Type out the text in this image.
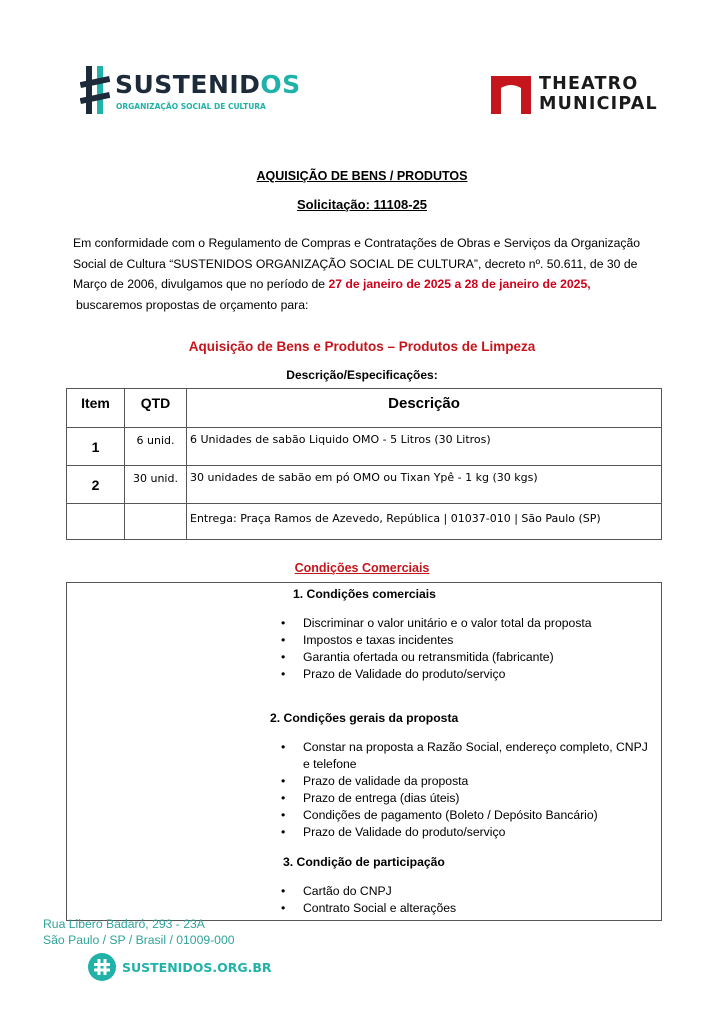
SUSTENIDOS
ORGANIZAÇÃO SOCIAL DE CULTURA
THEATRO
MUNICIPAL
AQUISIÇÃO DE BENS / PRODUTOS
Solicitação: 11108-25
Em conformidade com o Regulamento de Compras e Contratações de Obras e Serviços da Organização
Social de Cultura “SUSTENIDOS ORGANIZAÇÃO SOCIAL DE CULTURA”, decreto nº. 50.611, de 30 de
Março de 2006, divulgamos que no período de 27 de janeiro de 2025 a 28 de janeiro de 2025,
buscaremos propostas de orçamento para:
Aquisição de Bens e Produtos – Produtos de Limpeza
Descrição/Especificações:
Item	QTD	Descrição
1	6 unid.	6 Unidades de sabão Liquido OMO - 5 Litros (30 Litros)
2	30 unid.	30 unidades de sabão em pó OMO ou Tixan Ypê - 1 kg (30 kgs)
		Entrega: Praça Ramos de Azevedo, República | 01037-010 | São Paulo (SP)
Condições Comerciais
1. Condições comerciais
• Discriminar o valor unitário e o valor total da proposta
• Impostos e taxas incidentes
• Garantia ofertada ou retransmitida (fabricante)
• Prazo de Validade do produto/serviço
2. Condições gerais da proposta
• Constar na proposta a Razão Social, endereço completo, CNPJ e telefone
• Prazo de validade da proposta
• Prazo de entrega (dias úteis)
• Condições de pagamento (Boleto / Depósito Bancário)
• Prazo de Validade do produto/serviço
3. Condição de participação
• Cartão do CNPJ
• Contrato Social e alterações
Rua Libero Badaró, 293 - 23A
São Paulo / SP / Brasil / 01009-000
SUSTENIDOS.ORG.BR
